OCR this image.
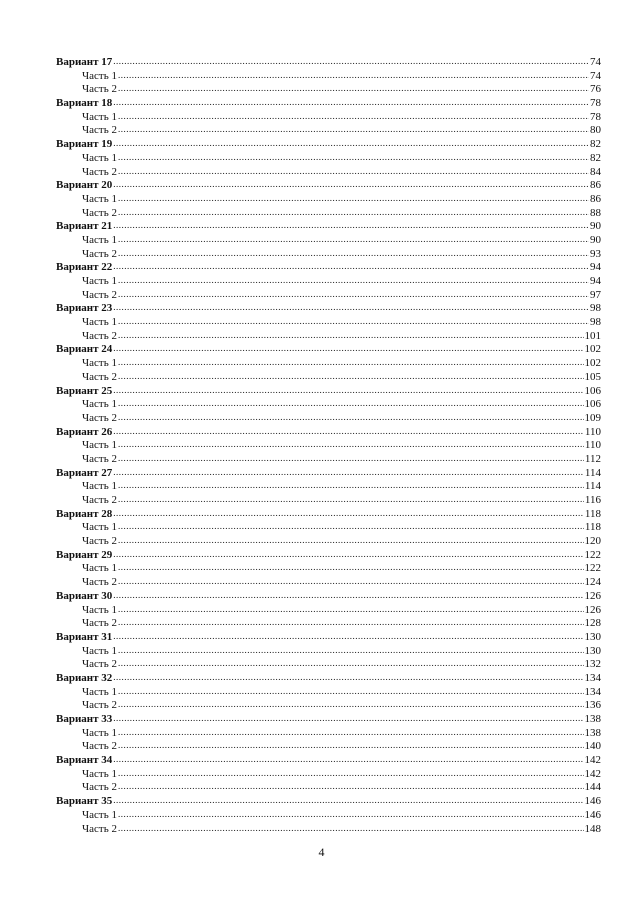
Вариант 17 .....	74
Часть 1 .....	74
Часть 2 .....	76
Вариант 18 .....	78
Часть 1 .....	78
Часть 2 .....	80
Вариант 19 .....	82
Часть 1 .....	82
Часть 2 .....	84
Вариант 20 .....	86
Часть 1 .....	86
Часть 2 .....	88
Вариант 21 .....	90
Часть 1 .....	90
Часть 2 .....	93
Вариант 22 .....	94
Часть 1 .....	94
Часть 2 .....	97
Вариант 23 .....	98
Часть 1 .....	98
Часть 2 .....	101
Вариант 24 .....	102
Часть 1 .....	102
Часть 2 .....	105
Вариант 25 .....	106
Часть 1 .....	106
Часть 2 .....	109
Вариант 26 .....	110
Часть 1 .....	110
Часть 2 .....	112
Вариант 27 .....	114
Часть 1 .....	114
Часть 2 .....	116
Вариант 28 .....	118
Часть 1 .....	118
Часть 2 .....	120
Вариант 29 .....	122
Часть 1 .....	122
Часть 2 .....	124
Вариант 30 .....	126
Часть 1 .....	126
Часть 2 .....	128
Вариант 31 .....	130
Часть 1 .....	130
Часть 2 .....	132
Вариант 32 .....	134
Часть 1 .....	134
Часть 2 .....	136
Вариант 33 .....	138
Часть 1 .....	138
Часть 2 .....	140
Вариант 34 .....	142
Часть 1 .....	142
Часть 2 .....	144
Вариант 35 .....	146
Часть 1 .....	146
Часть 2 .....	148
4
